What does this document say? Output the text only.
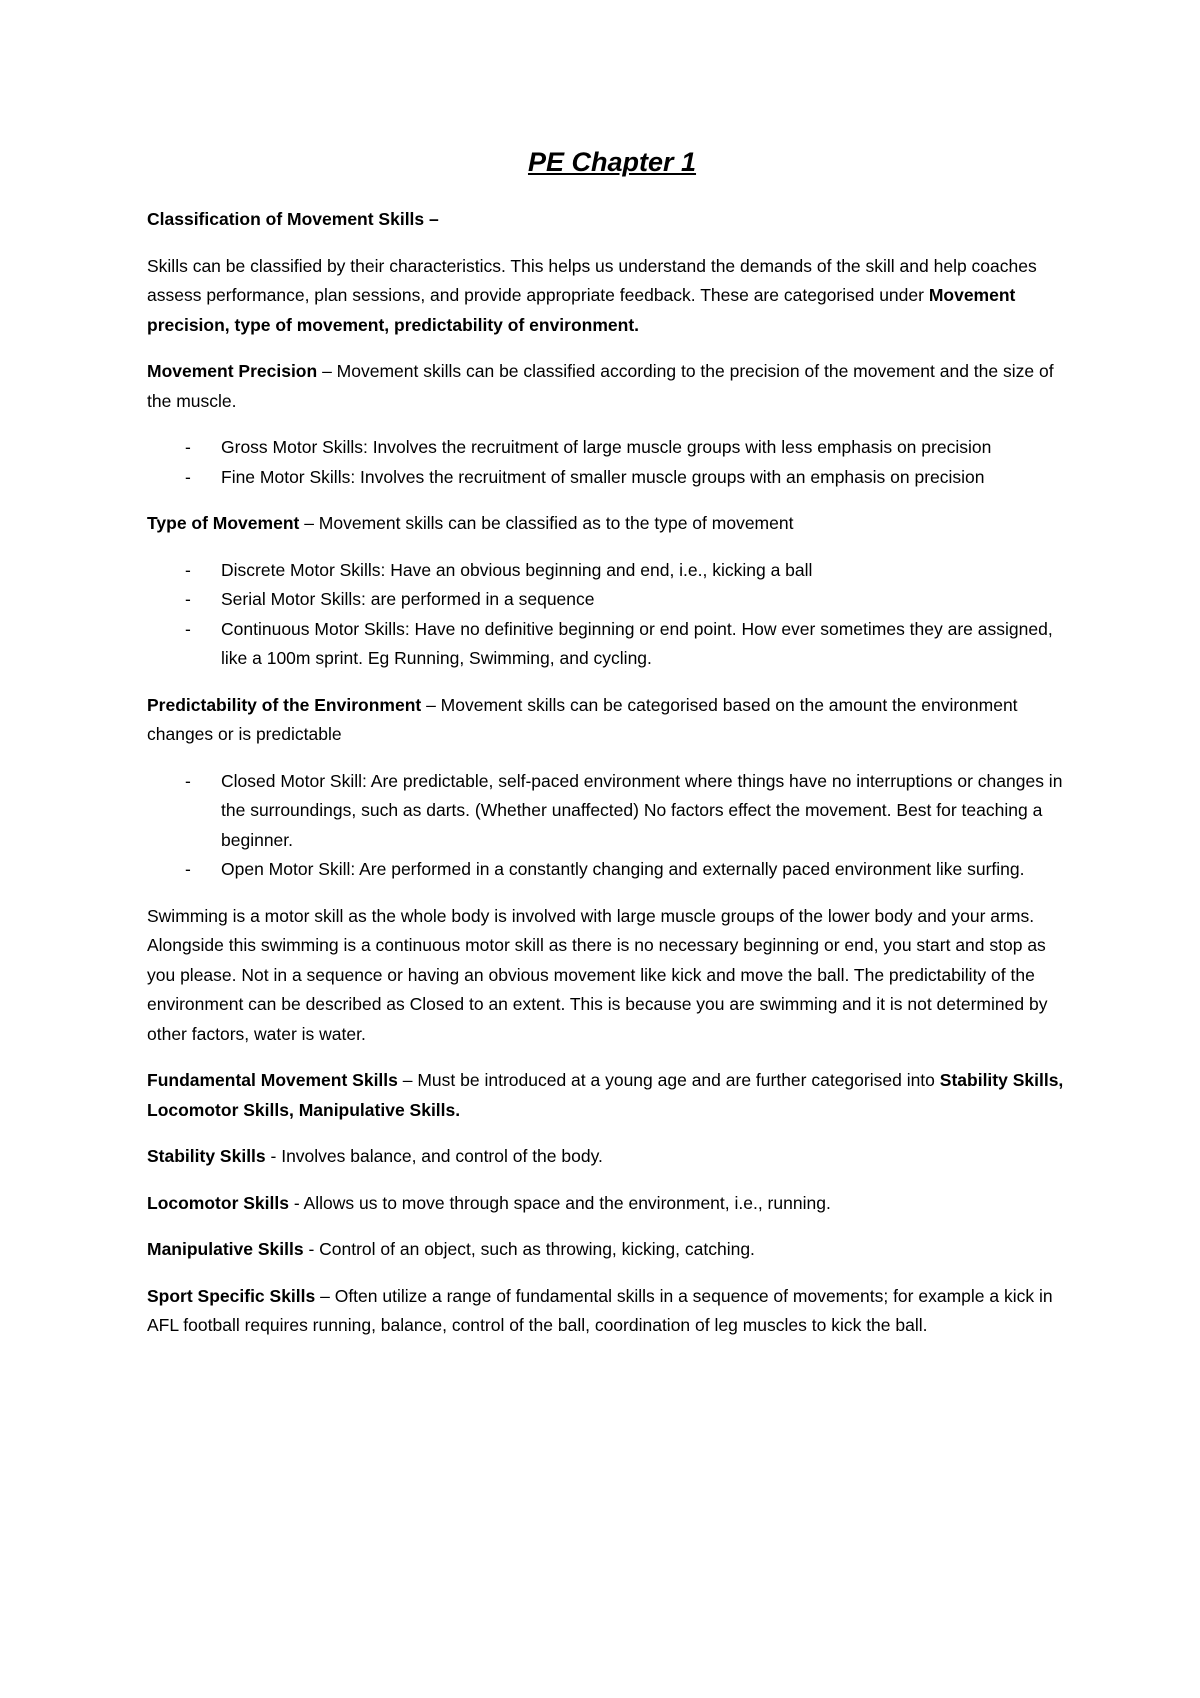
PE Chapter 1

Classification of Movement Skills –

Skills can be classified by their characteristics. This helps us understand the demands of the skill and help coaches assess performance, plan sessions, and provide appropriate feedback. These are categorised under Movement precision, type of movement, predictability of environment.

Movement Precision – Movement skills can be classified according to the precision of the movement and the size of the muscle.

- Gross Motor Skills: Involves the recruitment of large muscle groups with less emphasis on precision
- Fine Motor Skills: Involves the recruitment of smaller muscle groups with an emphasis on precision

Type of Movement – Movement skills can be classified as to the type of movement

- Discrete Motor Skills: Have an obvious beginning and end, i.e., kicking a ball
- Serial Motor Skills: are performed in a sequence
- Continuous Motor Skills: Have no definitive beginning or end point. How ever sometimes they are assigned, like a 100m sprint. Eg Running, Swimming, and cycling.

Predictability of the Environment – Movement skills can be categorised based on the amount the environment changes or is predictable

- Closed Motor Skill: Are predictable, self-paced environment where things have no interruptions or changes in the surroundings, such as darts. (Whether unaffected) No factors effect the movement. Best for teaching a beginner.
- Open Motor Skill: Are performed in a constantly changing and externally paced environment like surfing.

Swimming is a motor skill as the whole body is involved with large muscle groups of the lower body and your arms. Alongside this swimming is a continuous motor skill as there is no necessary beginning or end, you start and stop as you please. Not in a sequence or having an obvious movement like kick and move the ball. The predictability of the environment can be described as Closed to an extent. This is because you are swimming and it is not determined by other factors, water is water.

Fundamental Movement Skills – Must be introduced at a young age and are further categorised into Stability Skills, Locomotor Skills, Manipulative Skills.

Stability Skills - Involves balance, and control of the body.

Locomotor Skills - Allows us to move through space and the environment, i.e., running.

Manipulative Skills - Control of an object, such as throwing, kicking, catching.

Sport Specific Skills – Often utilize a range of fundamental skills in a sequence of movements; for example a kick in AFL football requires running, balance, control of the ball, coordination of leg muscles to kick the ball.
